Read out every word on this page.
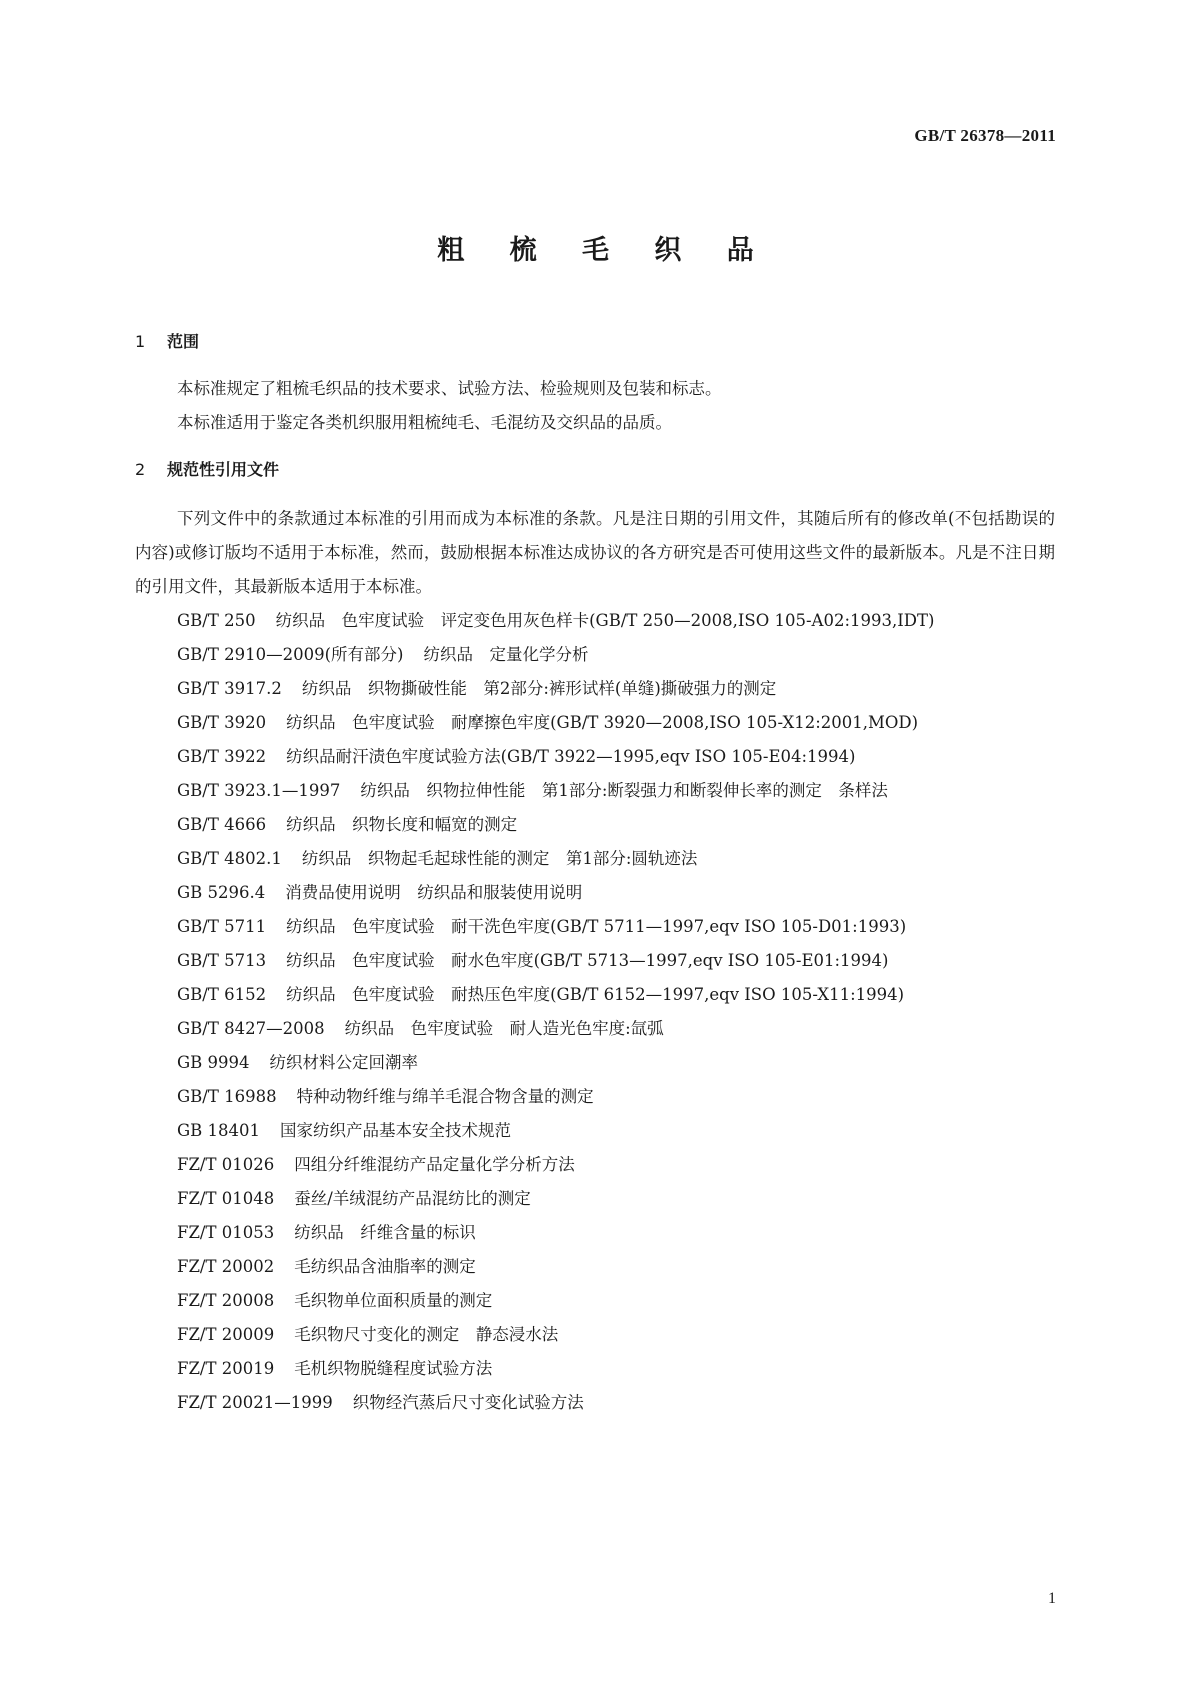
GB/T 26378—2011
粗 梳 毛 织 品
1 范围

本标准规定了粗梳毛织品的技术要求、试验方法、检验规则及包装和标志。

本标准适用于鉴定各类机织服用粗梳纯毛、毛混纺及交织品的品质。

2 规范性引用文件

下列文件中的条款通过本标准的引用而成为本标准的条款。凡是注日期的引用文件，其随后所有的修改单(不包括勘误的内容)或修订版均不适用于本标准，然而，鼓励根据本标准达成协议的各方研究是否可使用这些文件的最新版本。凡是不注日期的引用文件，其最新版本适用于本标准。

GB/T 250 纺织品　色牢度试验　评定变色用灰色样卡(GB/T 250—2008,ISO 105-A02:1993,IDT)
GB/T 2910—2009(所有部分) 纺织品　定量化学分析
GB/T 3917.2 纺织品　织物撕破性能　第2部分:裤形试样(单缝)撕破强力的测定
GB/T 3920 纺织品　色牢度试验　耐摩擦色牢度(GB/T 3920—2008,ISO 105-X12:2001,MOD)
GB/T 3922 纺织品耐汗渍色牢度试验方法(GB/T 3922—1995,eqv ISO 105-E04:1994)
GB/T 3923.1—1997 纺织品　织物拉伸性能　第1部分:断裂强力和断裂伸长率的测定　条样法
GB/T 4666 纺织品　织物长度和幅宽的测定
GB/T 4802.1 纺织品　织物起毛起球性能的测定　第1部分:圆轨迹法
GB 5296.4 消费品使用说明　纺织品和服装使用说明
GB/T 5711 纺织品　色牢度试验　耐干洗色牢度(GB/T 5711—1997,eqv ISO 105-D01:1993)
GB/T 5713 纺织品　色牢度试验　耐水色牢度(GB/T 5713—1997,eqv ISO 105-E01:1994)
GB/T 6152 纺织品　色牢度试验　耐热压色牢度(GB/T 6152—1997,eqv ISO 105-X11:1994)
GB/T 8427—2008 纺织品　色牢度试验　耐人造光色牢度:氙弧
GB 9994 纺织材料公定回潮率
GB/T 16988 特种动物纤维与绵羊毛混合物含量的测定
GB 18401 国家纺织产品基本安全技术规范
FZ/T 01026 四组分纤维混纺产品定量化学分析方法
FZ/T 01048 蚕丝/羊绒混纺产品混纺比的测定
FZ/T 01053 纺织品　纤维含量的标识
FZ/T 20002 毛纺织品含油脂率的测定
FZ/T 20008 毛织物单位面积质量的测定
FZ/T 20009 毛织物尺寸变化的测定　静态浸水法
FZ/T 20019 毛机织物脱缝程度试验方法
FZ/T 20021—1999 织物经汽蒸后尺寸变化试验方法
1
